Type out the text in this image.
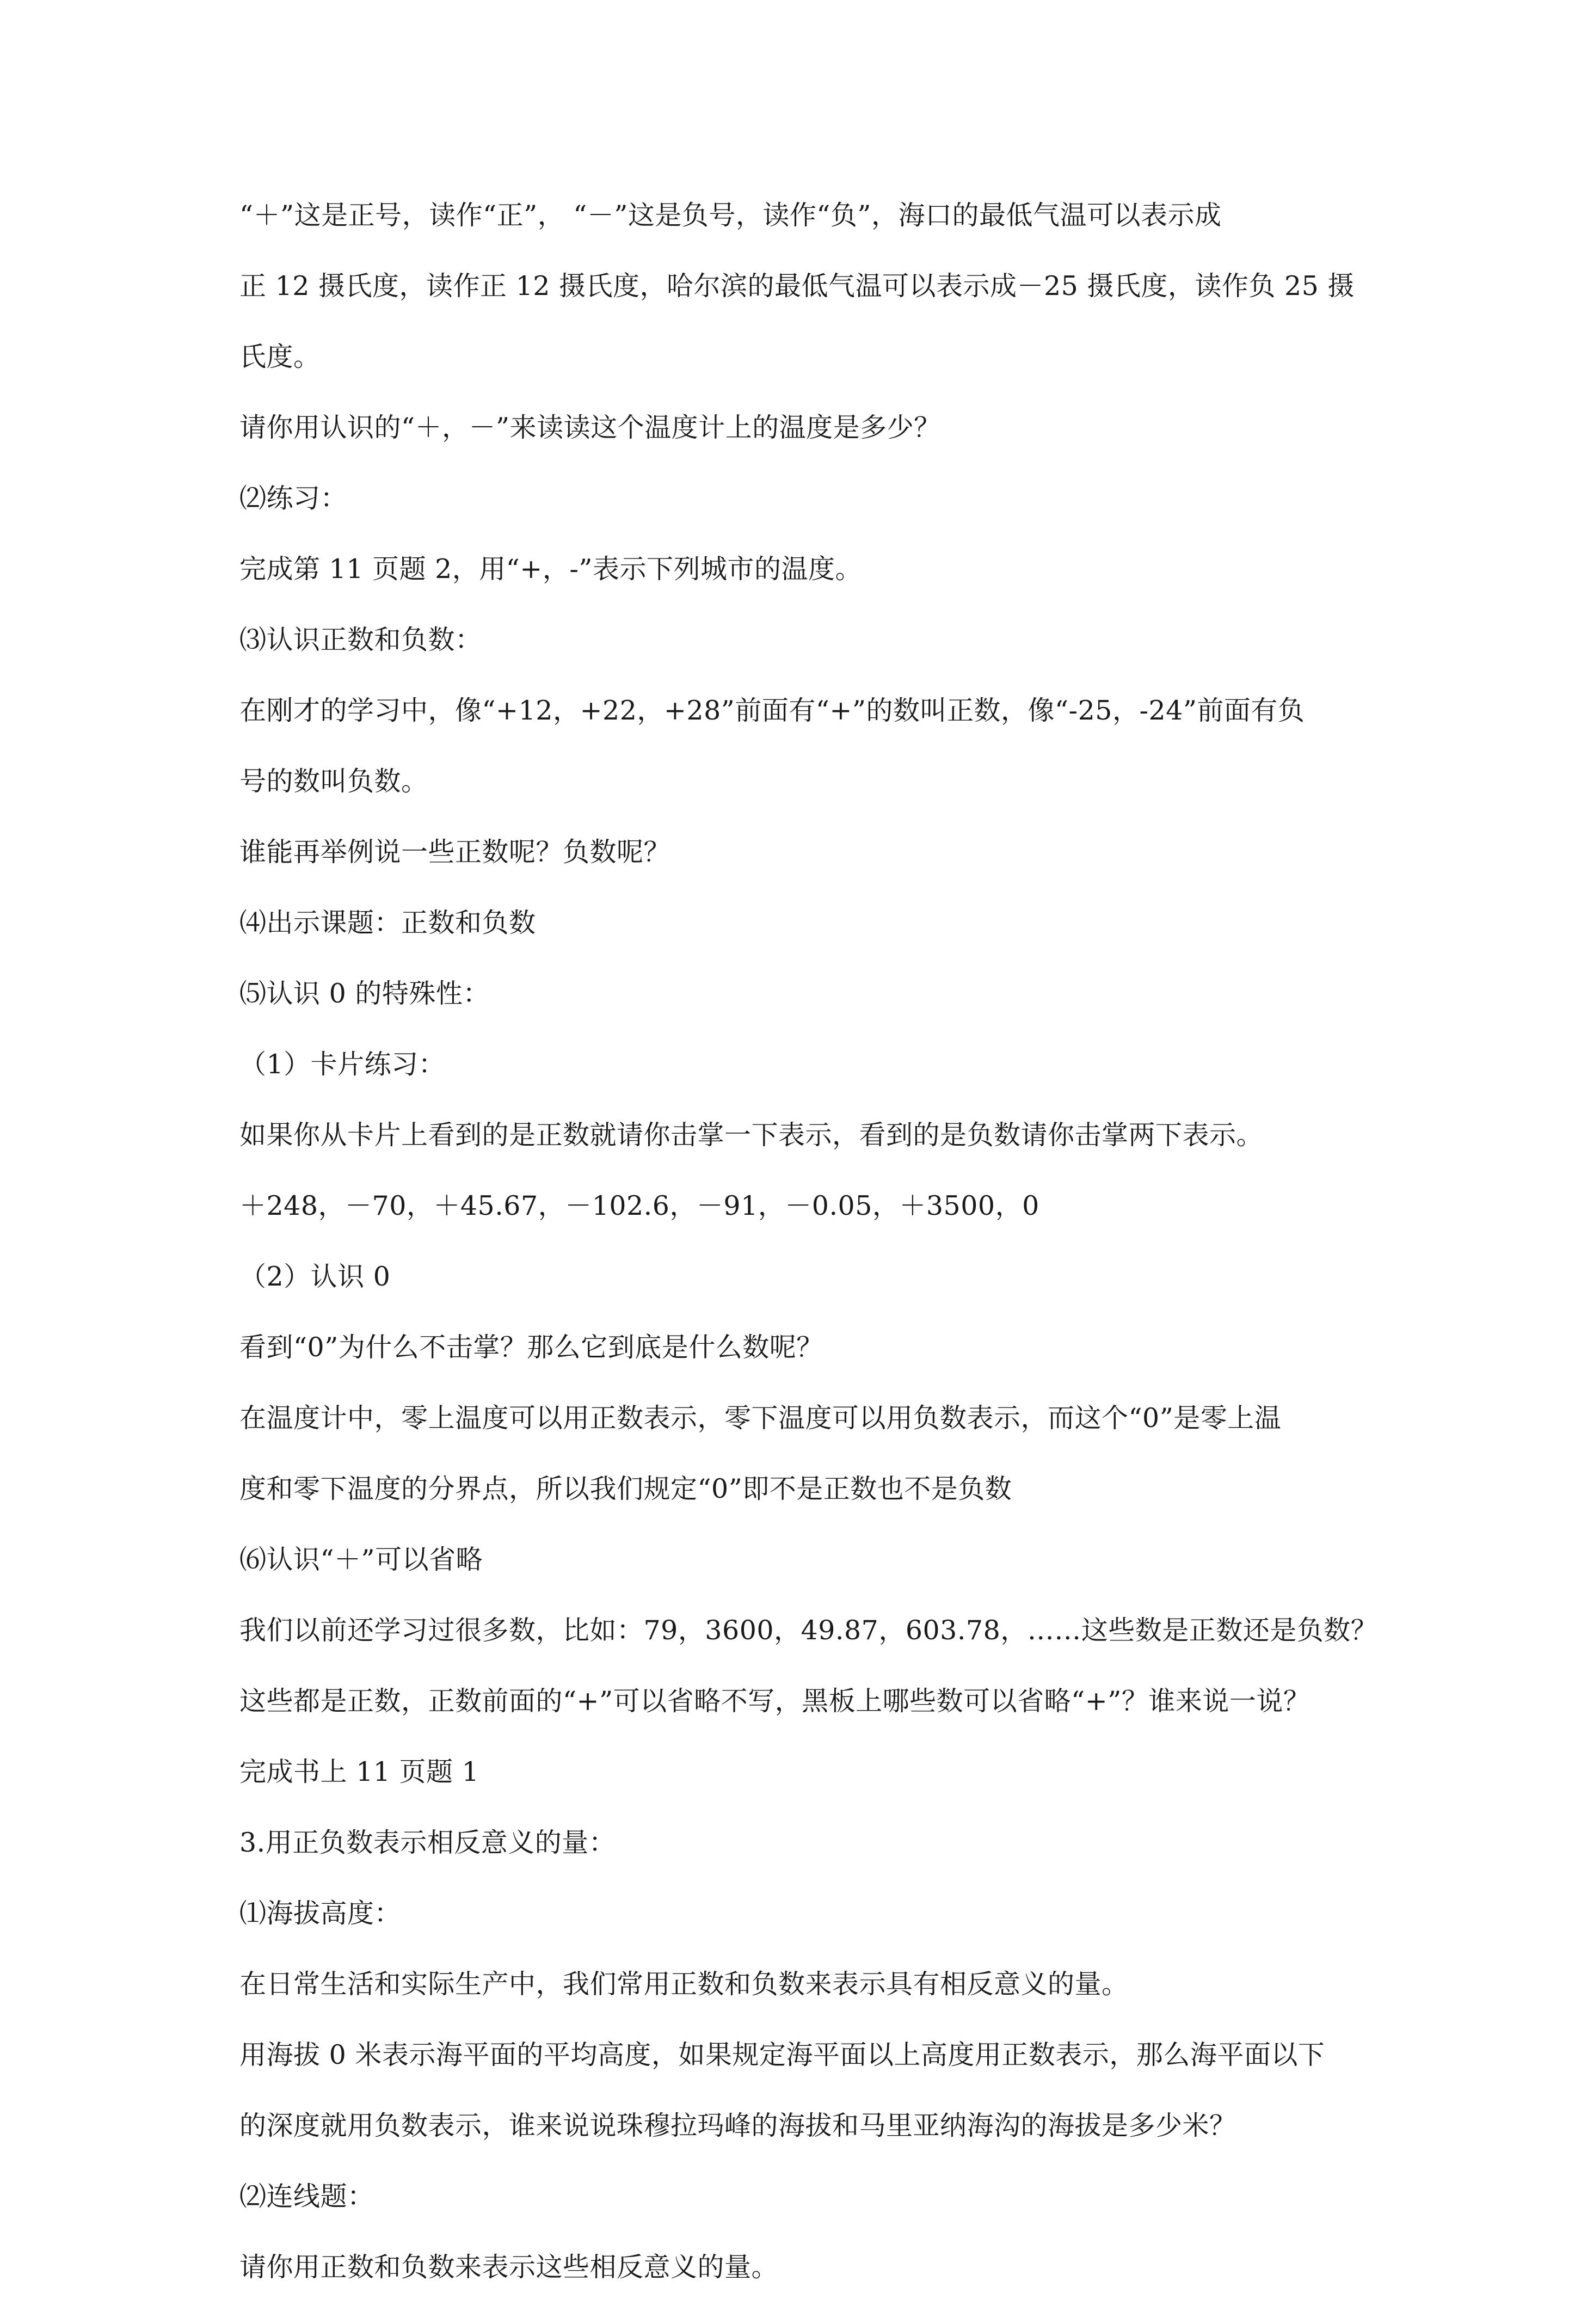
“＋”这是正号，读作“正”， “－”这是负号，读作“负”，海口的最低气温可以表示成
正 12 摄氏度，读作正 12 摄氏度，哈尔滨的最低气温可以表示成－25 摄氏度，读作负 25 摄
氏度。
请你用认识的“＋，－”来读读这个温度计上的温度是多少？
⑵练习：
完成第 11 页题 2，用“+，-”表示下列城市的温度。
⑶认识正数和负数：
在刚才的学习中，像“+12，+22，+28”前面有“+”的数叫正数，像“-25，-24”前面有负
号的数叫负数。
谁能再举例说一些正数呢？负数呢？
⑷出示课题：正数和负数
⑸认识 0 的特殊性：
（1）卡片练习：
如果你从卡片上看到的是正数就请你击掌一下表示，看到的是负数请你击掌两下表示。
＋248，－70，＋45.67，－102.6，－91，－0.05，＋3500，0
（2）认识 0
看到“0”为什么不击掌？那么它到底是什么数呢？
在温度计中，零上温度可以用正数表示，零下温度可以用负数表示，而这个“0”是零上温
度和零下温度的分界点，所以我们规定“0”即不是正数也不是负数
⑹认识“＋”可以省略
我们以前还学习过很多数，比如：79，3600，49.87，603.78，……这些数是正数还是负数？
这些都是正数，正数前面的“+”可以省略不写，黑板上哪些数可以省略“+”？谁来说一说？
完成书上 11 页题 1
3.用正负数表示相反意义的量：
⑴海拔高度：
在日常生活和实际生产中，我们常用正数和负数来表示具有相反意义的量。
用海拔 0 米表示海平面的平均高度，如果规定海平面以上高度用正数表示，那么海平面以下
的深度就用负数表示，谁来说说珠穆拉玛峰的海拔和马里亚纳海沟的海拔是多少米？
⑵连线题：
请你用正数和负数来表示这些相反意义的量。
